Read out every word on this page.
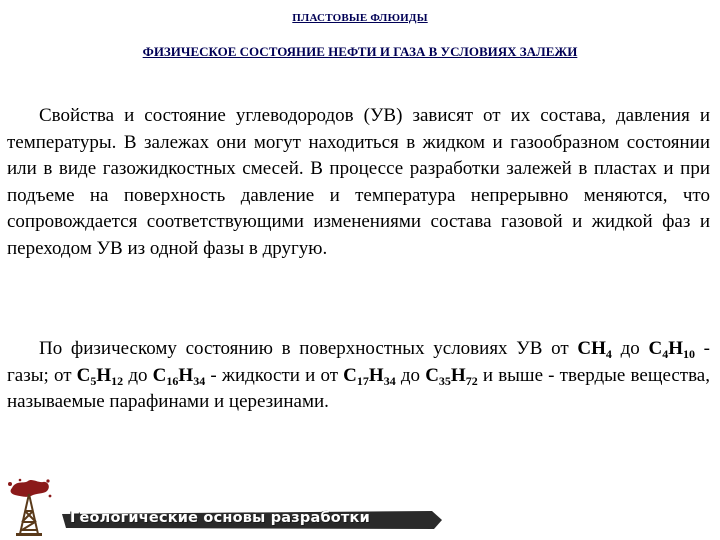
ПЛАСТОВЫЕ ФЛЮИДЫ
ФИЗИЧЕСКОЕ СОСТОЯНИЕ НЕФТИ И ГАЗА В УСЛОВИЯХ ЗАЛЕЖИ

Свойства и состояние углеводородов (УВ) зависят от их состава, давления и температуры. В залежах они могут находиться в жидком и газообразном состоянии или в виде газожидкостных смесей. В процессе разработки залежей в пластах и при подъеме на поверхность давление и температура непрерывно меняются, что сопровождается соответствующими изменениями состава газовой и жидкой фаз и переходом УВ из одной фазы в другую.

По физическому состоянию в поверхностных условиях УВ от $СН_4$ до $С_4Н_{10}$ - газы; от $С_5Н_{12}$ до $С_{16}Н_{34}$ - жидкости и от $С_{17}Н_{34}$ до $С_{35}Н_{72}$ и выше - твердые вещества, называемые парафинами и церезинами.

Геологические основы разработки
